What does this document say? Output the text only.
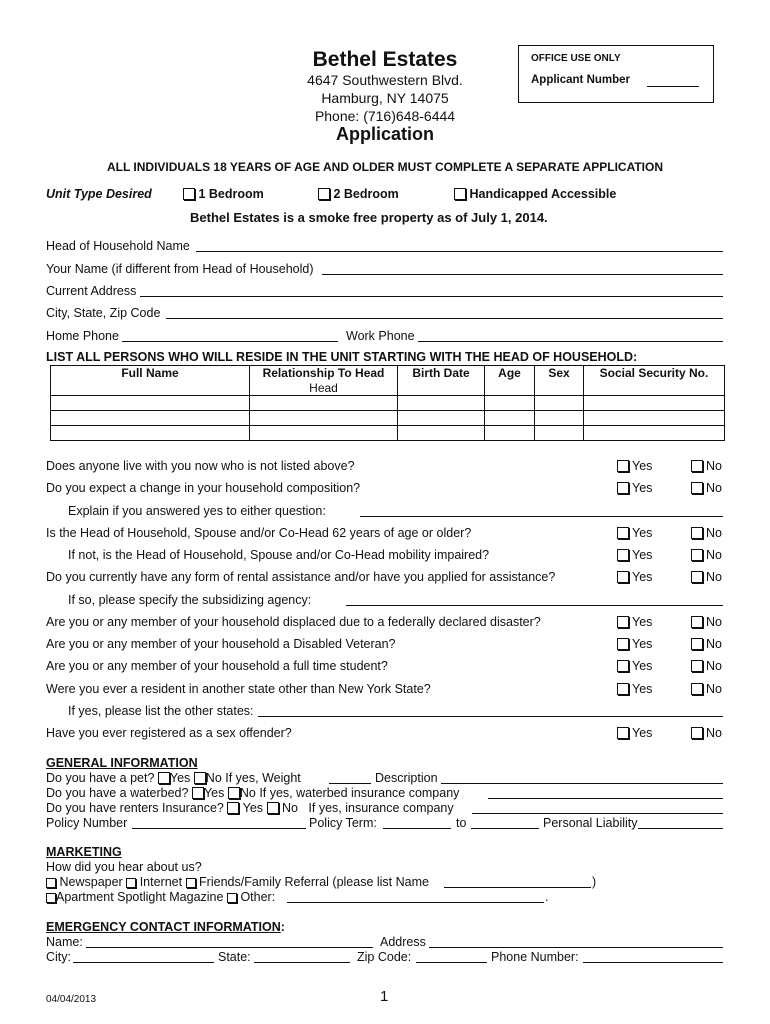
Bethel Estates
4647 Southwestern Blvd.
Hamburg, NY 14075
Phone: (716)648-6444
Application
OFFICE USE ONLY
Applicant Number
ALL INDIVIDUALS 18 YEARS OF AGE AND OLDER MUST COMPLETE A SEPARATE APPLICATION
Unit Type Desired	1 Bedroom	2 Bedroom	Handicapped Accessible
Bethel Estates is a smoke free property as of July 1, 2014.
Head of Household Name
Your Name (if different from Head of Household)
Current Address
City, State, Zip Code
Home Phone	Work Phone
LIST ALL PERSONS WHO WILL RESIDE IN THE UNIT STARTING WITH THE HEAD OF HOUSEHOLD:
Full Name	Relationship To Head	Birth Date	Age	Sex	Social Security No.
	Head				

Does anyone live with you now who is not listed above?	Yes	No
Do you expect a change in your household composition?	Yes	No
Explain if you answered yes to either question:
Is the Head of Household, Spouse and/or Co-Head 62 years of age or older?	Yes	No
If not, is the Head of Household, Spouse and/or Co-Head mobility impaired?	Yes	No
Do you currently have any form of rental assistance and/or have you applied for assistance?	Yes	No
If so, please specify the subsidizing agency:
Are you or any member of your household displaced due to a federally declared disaster?	Yes	No
Are you or any member of your household a Disabled Veteran?	Yes	No
Are you or any member of your household a full time student?	Yes	No
Were you ever a resident in another state other than New York State?	Yes	No
If yes, please list the other states:
Have you ever registered as a sex offender?	Yes	No
GENERAL INFORMATION
Do you have a pet? Yes No If yes, Weight	Description
Do you have a waterbed? Yes No If yes, waterbed insurance company
Do you have renters Insurance? Yes No If yes, insurance company
Policy Number	Policy Term:	to	Personal Liability
MARKETING
How did you hear about us?
Newspaper Internet Friends/Family Referral (please list Name	)
Apartment Spotlight Magazine Other:	.
EMERGENCY CONTACT INFORMATION:
Name:	Address
City:	State:	Zip Code:	Phone Number:
04/04/2013	1
